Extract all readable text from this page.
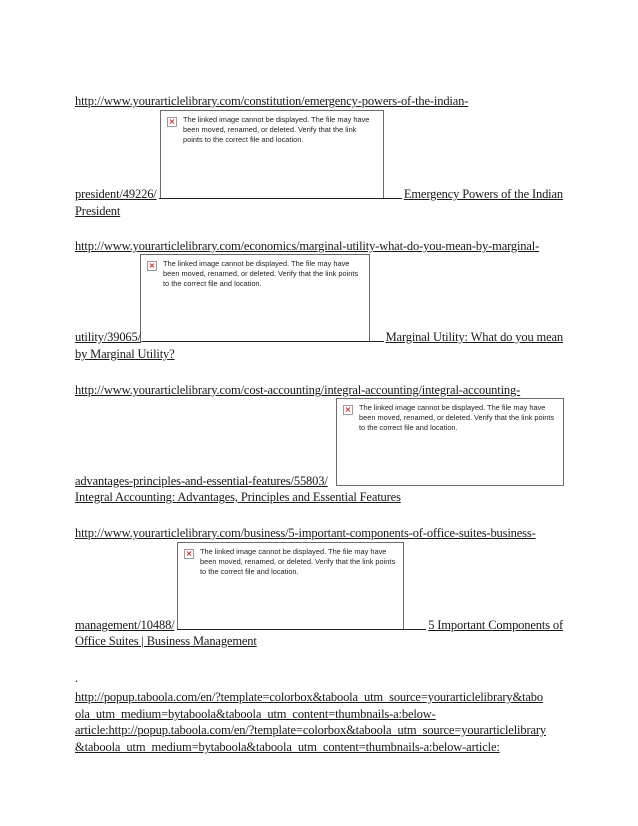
http://www.yourarticlelibrary.com/constitution/emergency-powers-of-the-indian-
× The linked image cannot be displayed. The file may have been moved, renamed, or deleted. Verify that the link points to the correct file and location.
president/49226/	Emergency Powers of the Indian
President
http://www.yourarticlelibrary.com/economics/marginal-utility-what-do-you-mean-by-marginal-
× The linked image cannot be displayed. The file may have been moved, renamed, or deleted. Verify that the link points to the correct file and location.
utility/39065/	Marginal Utility: What do you mean
by Marginal Utility?
http://www.yourarticlelibrary.com/cost-accounting/integral-accounting/integral-accounting-
× The linked image cannot be displayed. The file may have been moved, renamed, or deleted. Verify that the link points to the correct file and location.
advantages-principles-and-essential-features/55803/
Integral Accounting: Advantages, Principles and Essential Features
http://www.yourarticlelibrary.com/business/5-important-components-of-office-suites-business-
× The linked image cannot be displayed. The file may have been moved, renamed, or deleted. Verify that the link points to the correct file and location.
management/10488/	5 Important Components of
Office Suites | Business Management
.
http://popup.taboola.com/en/?template=colorbox&taboola_utm_source=yourarticlelibrary&tabo
ola_utm_medium=bytaboola&taboola_utm_content=thumbnails-a:below-
article:http://popup.taboola.com/en/?template=colorbox&taboola_utm_source=yourarticlelibrary
&taboola_utm_medium=bytaboola&taboola_utm_content=thumbnails-a:below-article:
